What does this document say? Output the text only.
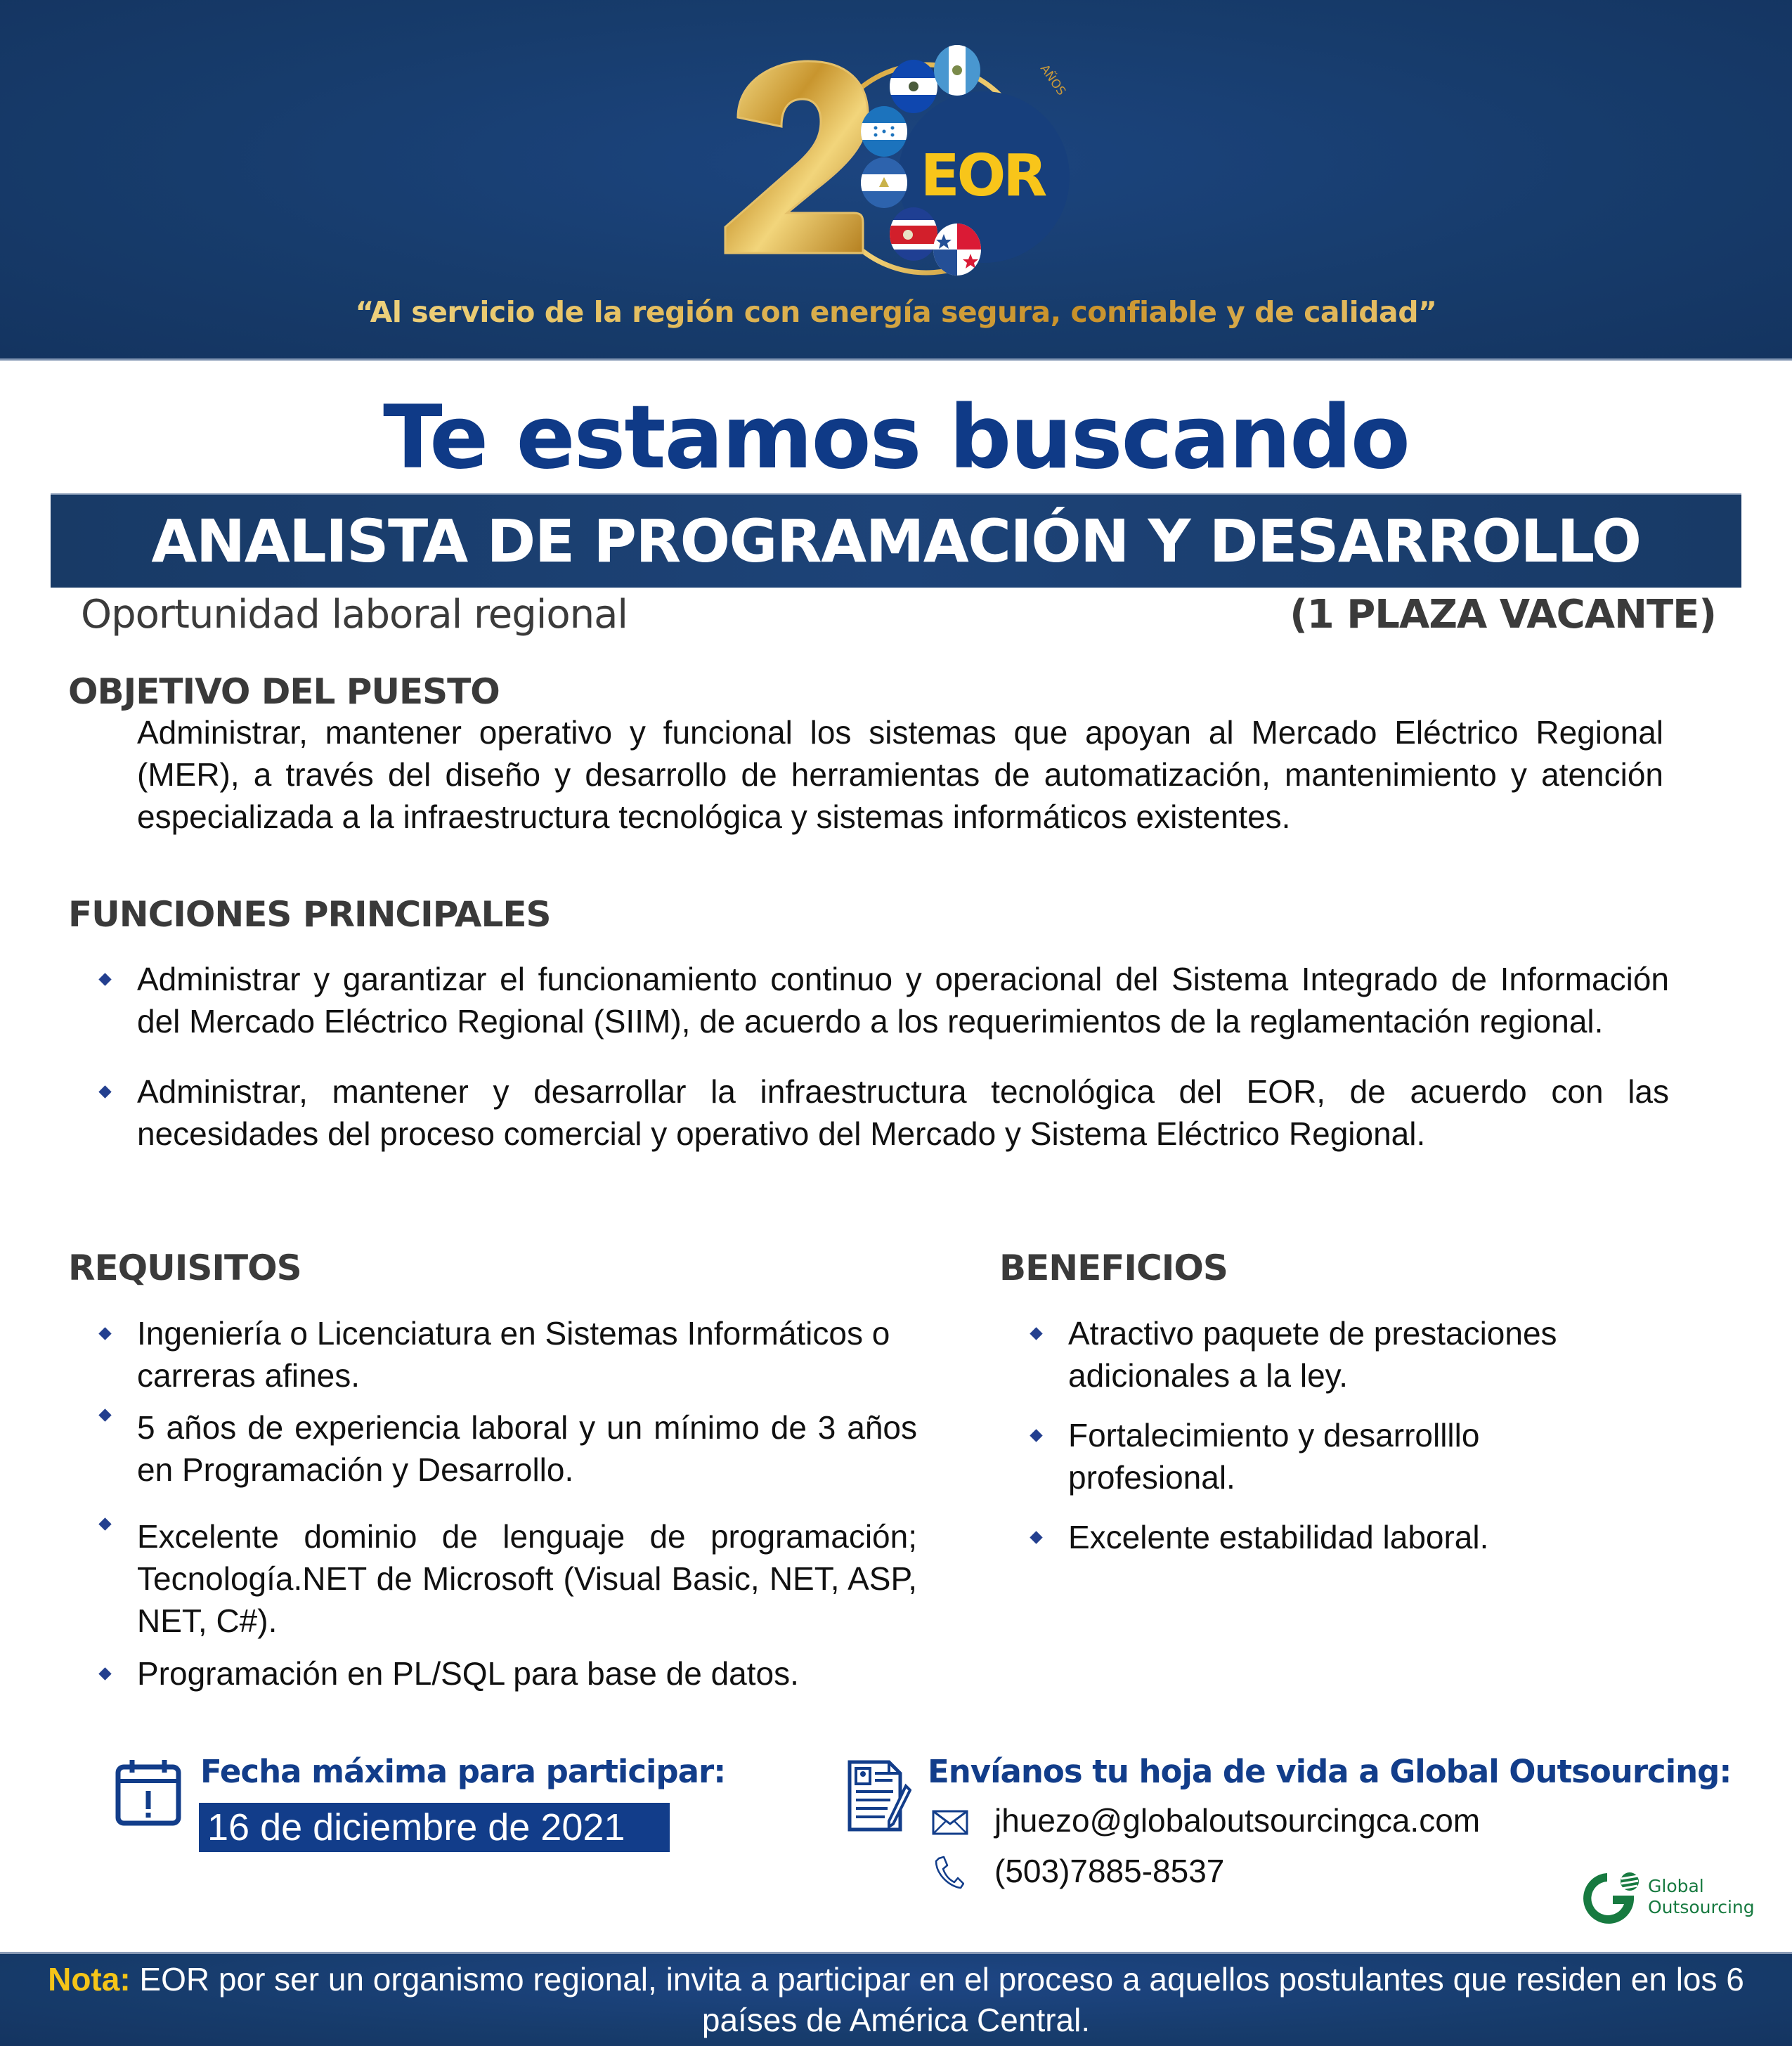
EOR
AÑOS
“Al servicio de la región con energía segura, confiable y de calidad”
Te estamos buscando
ANALISTA DE PROGRAMACIÓN Y DESARROLLO
Oportunidad laboral regional	(1 PLAZA VACANTE)
OBJETIVO DEL PUESTO

Administrar, mantener operativo y funcional los sistemas que apoyan al Mercado Eléctrico Regional (MER), a través del diseño y desarrollo de herramientas de automatización, mantenimiento y atención especializada a la infraestructura tecnológica y sistemas informáticos existentes.

FUNCIONES PRINCIPALES
Administrar y garantizar el funcionamiento continuo y operacional del Sistema Integrado de Información del Mercado Eléctrico Regional (SIIM), de acuerdo a los requerimientos de la reglamentación regional.
Administrar, mantener y desarrollar la infraestructura tecnológica del EOR, de acuerdo con las necesidades del proceso comercial y operativo del Mercado y Sistema Eléctrico Regional.
REQUISITOS
Ingeniería o Licenciatura en Sistemas Informáticos o carreras afines.
5 años de experiencia laboral y un mínimo de 3 años en Programación y Desarrollo.
Excelente dominio de lenguaje de programación; Tecnología.NET de Microsoft (Visual Basic, NET, ASP, NET, C#).
Programación en PL/SQL para base de datos.
BENEFICIOS
Atractivo paquete de prestaciones adicionales a la ley.
Fortalecimiento y desarrollllo profesional.
Excelente estabilidad laboral.
Fecha máxima para participar:
16 de diciembre de 2021
Envíanos tu hoja de vida a Global Outsourcing:
jhuezo@globaloutsourcingca.com
(503)7885-8537	Global
Outsourcing
Nota: EOR por ser un organismo regional, invita a participar en el proceso a aquellos postulantes que residen en los 6 países de América Central.
